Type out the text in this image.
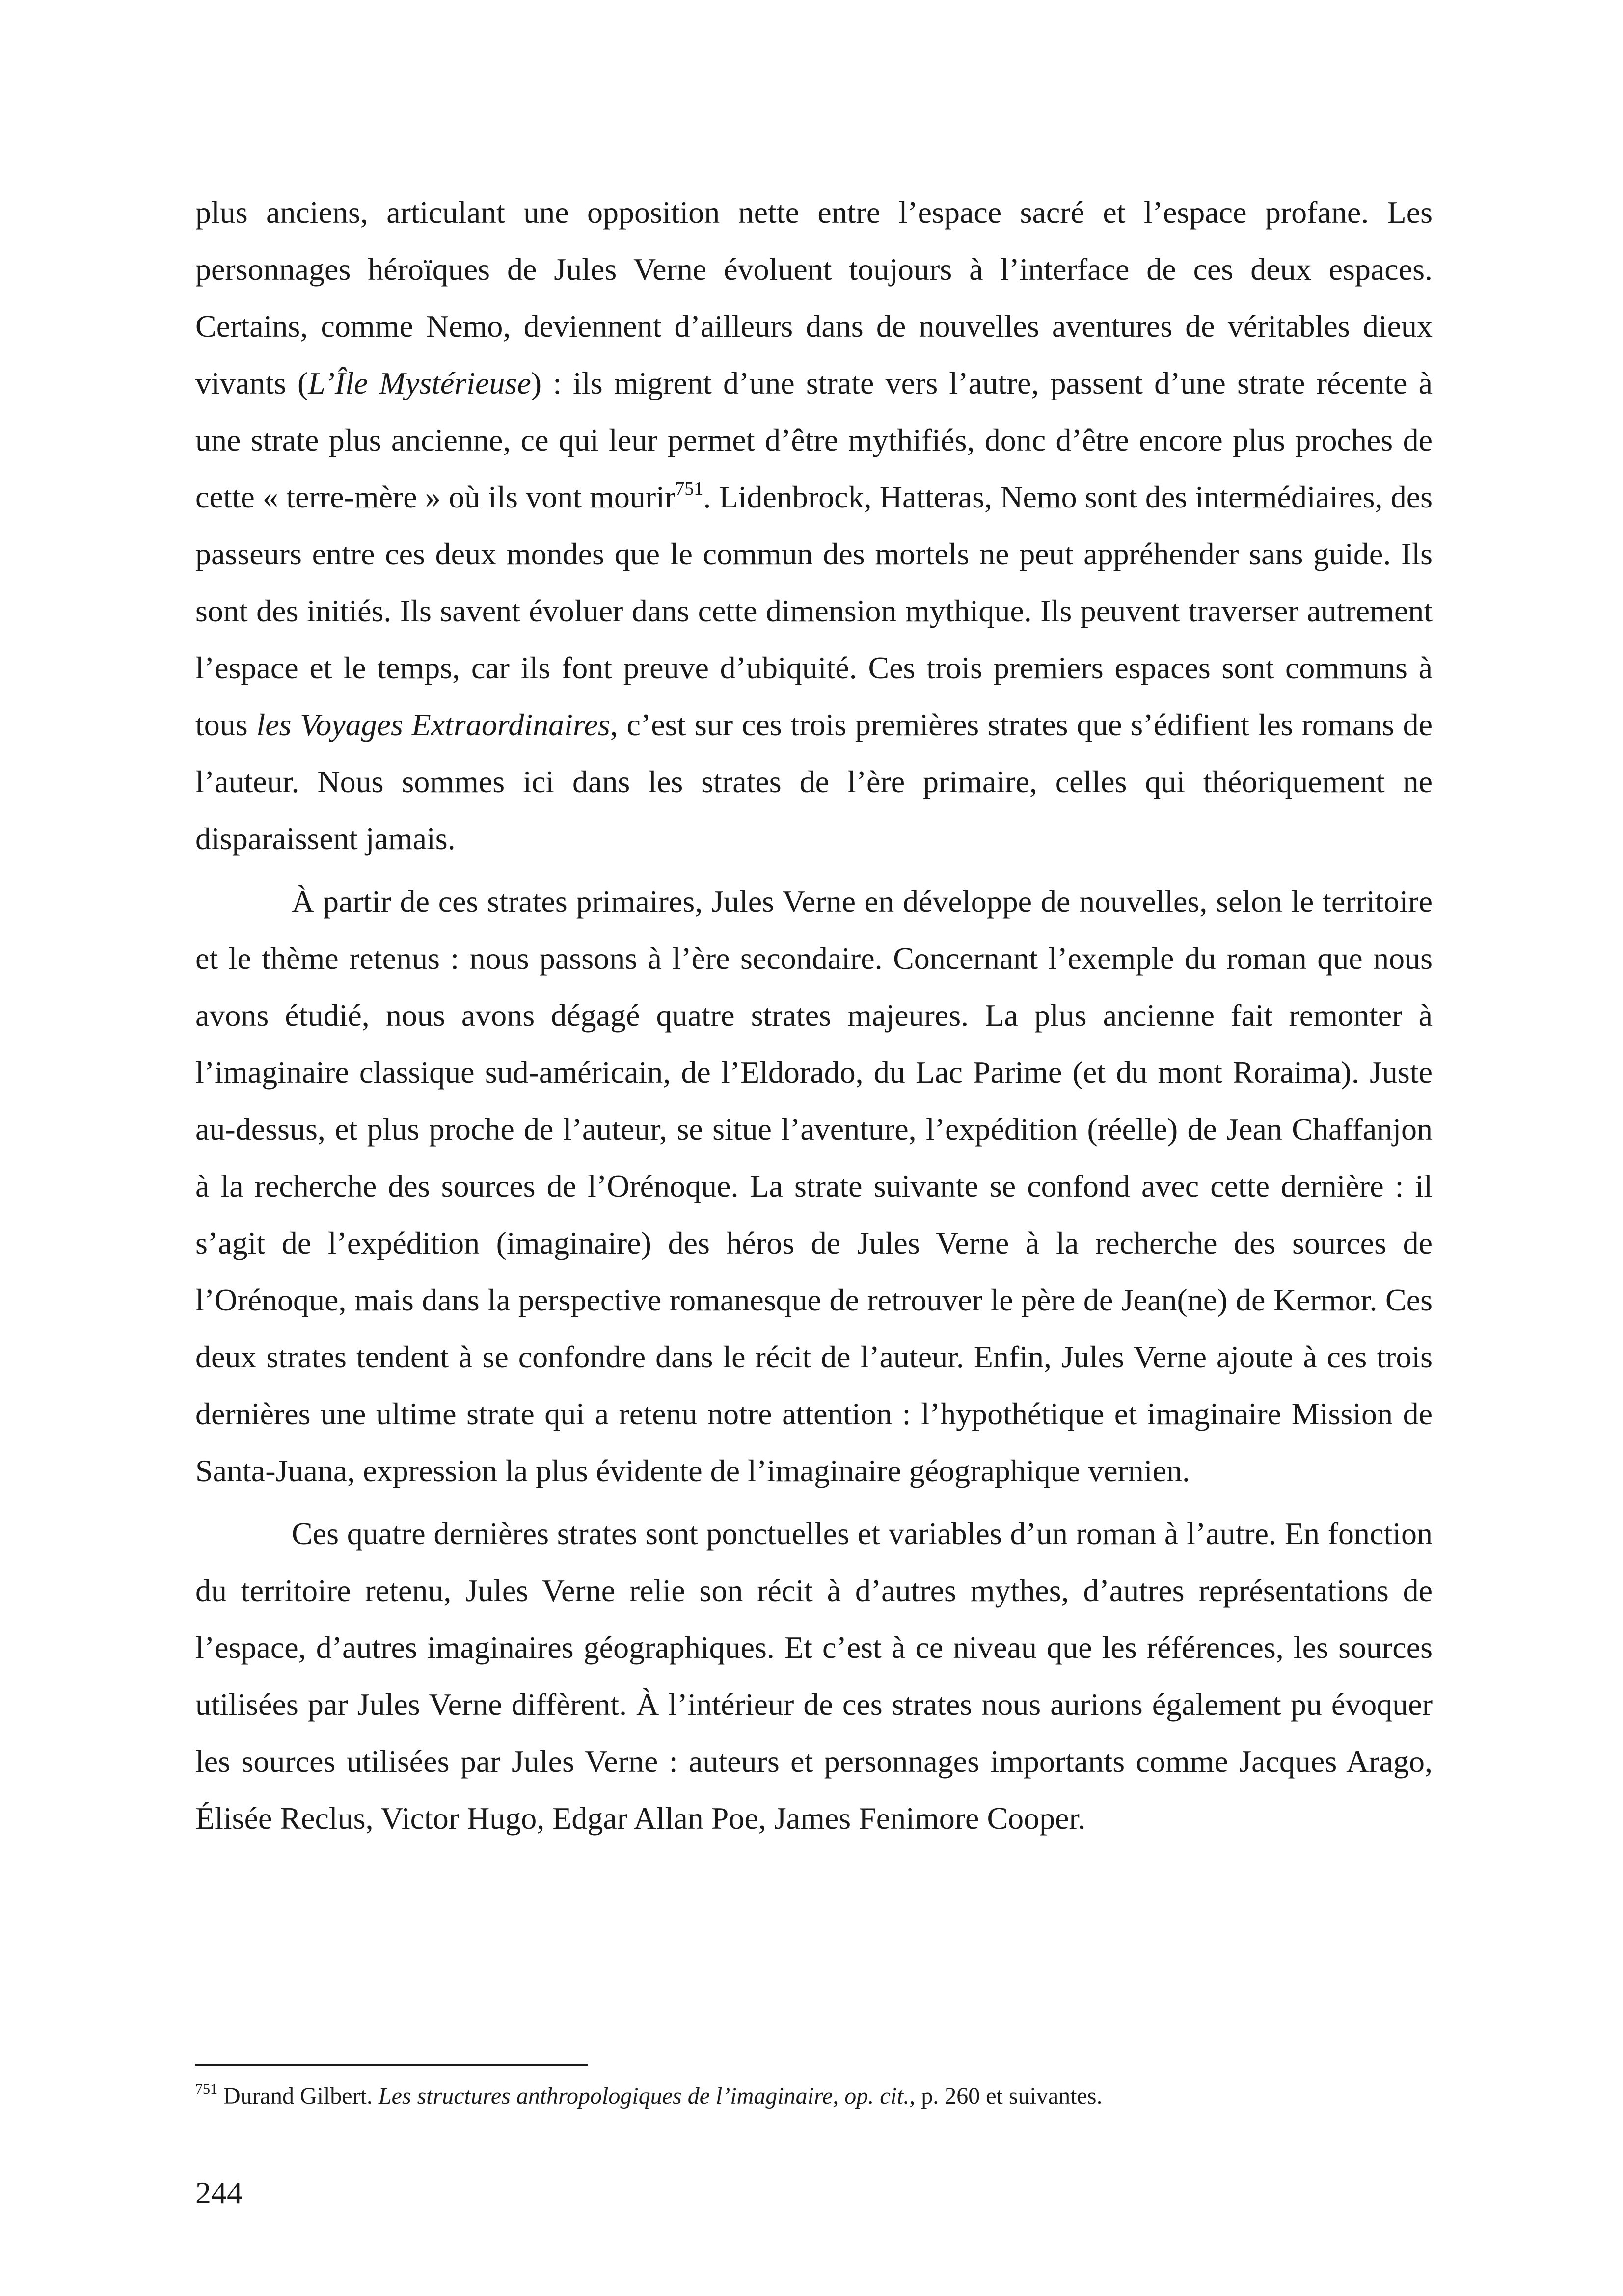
plus anciens, articulant une opposition nette entre l’espace sacré et l’espace profane. Les personnages héroïques de Jules Verne évoluent toujours à l’interface de ces deux espaces. Certains, comme Nemo, deviennent d’ailleurs dans de nouvelles aventures de véritables dieux vivants (L’Île Mystérieuse) : ils migrent d’une strate vers l’autre, passent d’une strate récente à une strate plus ancienne, ce qui leur permet d’être mythifiés, donc d’être encore plus proches de cette « terre-mère » où ils vont mourir$^{751}$. Lidenbrock, Hatteras, Nemo sont des intermédiaires, des passeurs entre ces deux mondes que le commun des mortels ne peut appréhender sans guide. Ils sont des initiés. Ils savent évoluer dans cette dimension mythique. Ils peuvent traverser autrement l’espace et le temps, car ils font preuve d’ubiquité. Ces trois premiers espaces sont communs à tous les Voyages Extraordinaires, c’est sur ces trois premières strates que s’édifient les romans de l’auteur. Nous sommes ici dans les strates de l’ère primaire, celles qui théoriquement ne disparaissent jamais.

À partir de ces strates primaires, Jules Verne en développe de nouvelles, selon le territoire et le thème retenus : nous passons à l’ère secondaire. Concernant l’exemple du roman que nous avons étudié, nous avons dégagé quatre strates majeures. La plus ancienne fait remonter à l’imaginaire classique sud-américain, de l’Eldorado, du Lac Parime (et du mont Roraima). Juste au-dessus, et plus proche de l’auteur, se situe l’aventure, l’expédition (réelle) de Jean Chaffanjon à la recherche des sources de l’Orénoque. La strate suivante se confond avec cette dernière : il s’agit de l’expédition (imaginaire) des héros de Jules Verne à la recherche des sources de l’Orénoque, mais dans la perspective romanesque de retrouver le père de Jean(ne) de Kermor. Ces deux strates tendent à se confondre dans le récit de l’auteur. Enfin, Jules Verne ajoute à ces trois dernières une ultime strate qui a retenu notre attention : l’hypothétique et imaginaire Mission de Santa-Juana, expression la plus évidente de l’imaginaire géographique vernien.

Ces quatre dernières strates sont ponctuelles et variables d’un roman à l’autre. En fonction du territoire retenu, Jules Verne relie son récit à d’autres mythes, d’autres représentations de l’espace, d’autres imaginaires géographiques. Et c’est à ce niveau que les références, les sources utilisées par Jules Verne diffèrent. À l’intérieur de ces strates nous aurions également pu évoquer les sources utilisées par Jules Verne : auteurs et personnages importants comme Jacques Arago, Élisée Reclus, Victor Hugo, Edgar Allan Poe, James Fenimore Cooper.

$^{751}$ Durand Gilbert. Les structures anthropologiques de l’imaginaire, op. cit., p. 260 et suivantes.
244
